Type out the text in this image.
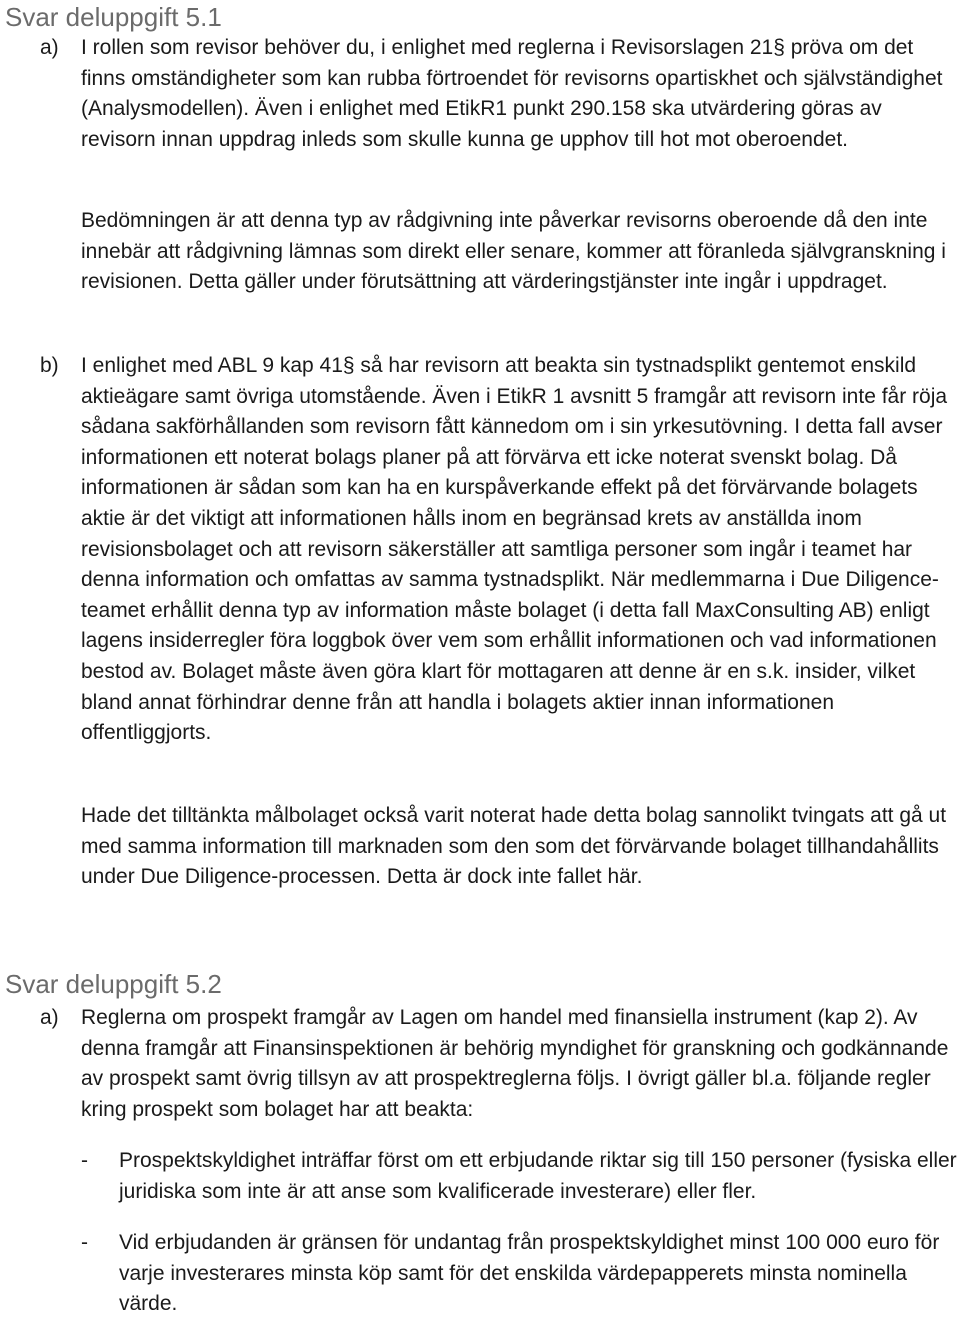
Svar deluppgift 5.1
a) I rollen som revisor behöver du, i enlighet med reglerna i Revisorslagen 21§ pröva om det finns omständigheter som kan rubba förtroendet för revisorns opartiskhet och självständighet (Analysmodellen). Även i enlighet med EtikR1 punkt 290.158 ska utvärdering göras av revisorn innan uppdrag inleds som skulle kunna ge upphov till hot mot oberoendet.

Bedömningen är att denna typ av rådgivning inte påverkar revisorns oberoende då den inte innebär att rådgivning lämnas som direkt eller senare, kommer att föranleda självgranskning i revisionen. Detta gäller under förutsättning att värderingstjänster inte ingår i uppdraget.

b) I enlighet med ABL 9 kap 41§ så har revisorn att beakta sin tystnadsplikt gentemot enskild aktieägare samt övriga utomstående. Även i EtikR 1 avsnitt 5 framgår att revisorn inte får röja sådana sakförhållanden som revisorn fått kännedom om i sin yrkesutövning. I detta fall avser informationen ett noterat bolags planer på att förvärva ett icke noterat svenskt bolag. Då informationen är sådan som kan ha en kurspåverkande effekt på det förvärvande bolagets aktie är det viktigt att informationen hålls inom en begränsad krets av anställda inom revisionsbolaget och att revisorn säkerställer att samtliga personer som ingår i teamet har denna information och omfattas av samma tystnadsplikt. När medlemmarna i Due Diligence-teamet erhållit denna typ av information måste bolaget (i detta fall MaxConsulting AB) enligt lagens insiderregler föra loggbok över vem som erhållit informationen och vad informationen bestod av. Bolaget måste även göra klart för mottagaren att denne är en s.k. insider, vilket bland annat förhindrar denne från att handla i bolagets aktier innan informationen offentliggjorts.

Hade det tilltänkta målbolaget också varit noterat hade detta bolag sannolikt tvingats att gå ut med samma information till marknaden som den som det förvärvande bolaget tillhandahållits under Due Diligence-processen. Detta är dock inte fallet här.

Svar deluppgift 5.2
a) Reglerna om prospekt framgår av Lagen om handel med finansiella instrument (kap 2). Av denna framgår att Finansinspektionen är behörig myndighet för granskning och godkännande av prospekt samt övrig tillsyn av att prospektreglerna följs. I övrigt gäller bl.a. följande regler kring prospekt som bolaget har att beakta:

- Prospektskyldighet inträffar först om ett erbjudande riktar sig till 150 personer (fysiska eller juridiska som inte är att anse som kvalificerade investerare) eller fler.

- Vid erbjudanden är gränsen för undantag från prospektskyldighet minst 100 000 euro för varje investerares minsta köp samt för det enskilda värdepapperets minsta nominella värde.
